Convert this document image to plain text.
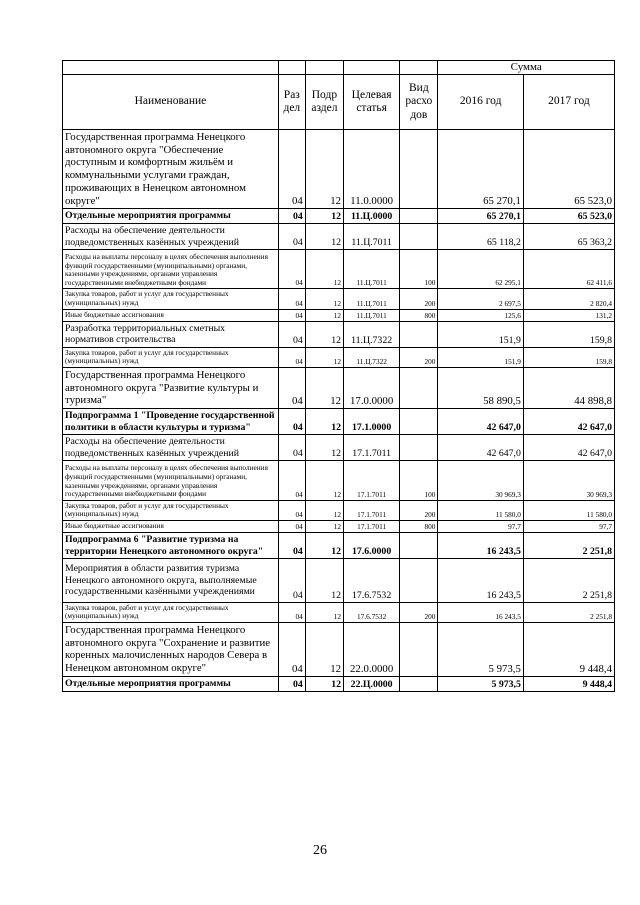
					Сумма	
Наименование	Раз дел	Подр аздел	Целевая статья	Вид расхо дов	2016 год	2017 год
Государственная программа Ненецкого автономного округа "Обеспечение доступным и комфортным жильём и коммунальными услугами граждан, проживающих в Ненецком автономном округе"	04	12	11.0.0000		65 270,1	65 523,0
Отдельные мероприятия программы	04	12	11.Ц.0000		65 270,1	65 523,0
Расходы на обеспечение деятельности подведомственных казённых учреждений	04	12	11.Ц.7011		65 118,2	65 363,2
Расходы на выплаты персоналу в целях обеспечения выполнения функций государственными (муниципальными) органами, казенными учреждениями, органами управления государственными внебюджетными фондами	04	12	11.Ц.7011	100	62 295,1	62 411,6
Закупка товаров, работ и услуг для государственных (муниципальных) нужд	04	12	11.Ц.7011	200	2 697,5	2 820,4
Иные бюджетные ассигнования	04	12	11.Ц.7011	800	125,6	131,2
Разработка территориальных сметных нормативов строительства	04	12	11.Ц.7322		151,9	159,8
Закупка товаров, работ и услуг для государственных (муниципальных) нужд	04	12	11.Ц.7322	200	151,9	159,8
Государственная программа Ненецкого автономного округа "Развитие культуры и туризма"	04	12	17.0.0000		58 890,5	44 898,8
Подпрограмма 1 "Проведение государственной политики в области культуры и туризма"	04	12	17.1.0000		42 647,0	42 647,0
Расходы на обеспечение деятельности подведомственных казённых учреждений	04	12	17.1.7011		42 647,0	42 647,0
Расходы на выплаты персоналу в целях обеспечения выполнения функций государственными (муниципальными) органами, казенными учреждениями, органами управления государственными внебюджетными фондами	04	12	17.1.7011	100	30 969,3	30 969,3
Закупка товаров, работ и услуг для государственных (муниципальных) нужд	04	12	17.1.7011	200	11 580,0	11 580,0
Иные бюджетные ассигнования	04	12	17.1.7011	800	97,7	97,7
Подпрограмма 6 "Развитие туризма на территории Ненецкого автономного округа"	04	12	17.6.0000		16 243,5	2 251,8
Мероприятия в области развития туризма Ненецкого автономного округа, выполняемые государственными казёнными учреждениями	04	12	17.6.7532		16 243,5	2 251,8
Закупка товаров, работ и услуг для государственных (муниципальных) нужд	04	12	17.6.7532	200	16 243,5	2 251,8
Государственная программа Ненецкого автономного округа "Сохранение и развитие коренных малочисленных народов Севера в Ненецком автономном округе"	04	12	22.0.0000		5 973,5	9 448,4
Отдельные мероприятия программы	04	12	22.Ц.0000		5 973,5	9 448,4
26
